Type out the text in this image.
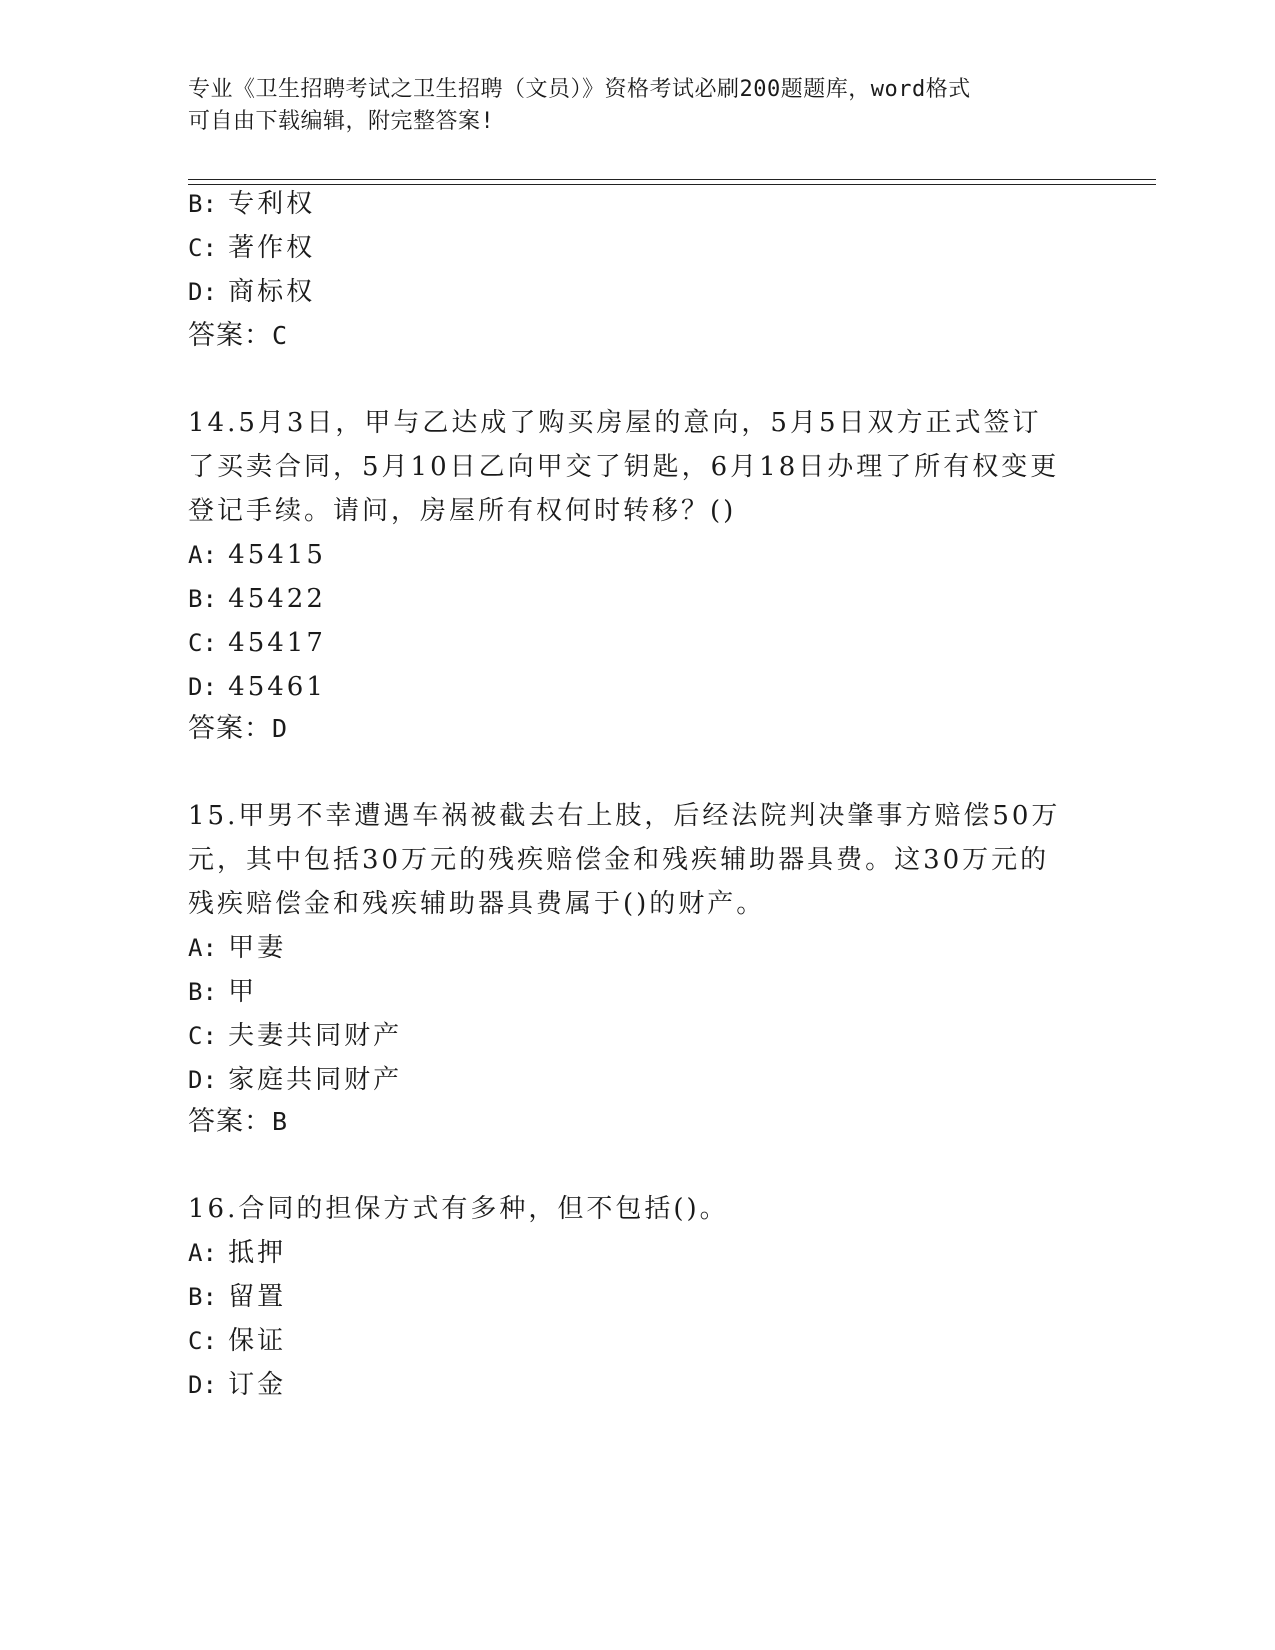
专业《卫生招聘考试之卫生招聘（文员）》资格考试必刷200题题库，word格式
可自由下载编辑，附完整答案!
B: 专利权
C: 著作权
D: 商标权
答案：C
14.5月3日，甲与乙达成了购买房屋的意向，5月5日双方正式签订
了买卖合同，5月10日乙向甲交了钥匙，6月18日办理了所有权变更
登记手续。请问，房屋所有权何时转移？()
A: 45415
B: 45422
C: 45417
D: 45461
答案：D
15.甲男不幸遭遇车祸被截去右上肢，后经法院判决肇事方赔偿50万
元，其中包括30万元的残疾赔偿金和残疾辅助器具费。这30万元的
残疾赔偿金和残疾辅助器具费属于()的财产。
A: 甲妻
B: 甲
C: 夫妻共同财产
D: 家庭共同财产
答案：B
16.合同的担保方式有多种，但不包括()。
A: 抵押
B: 留置
C: 保证
D: 订金
